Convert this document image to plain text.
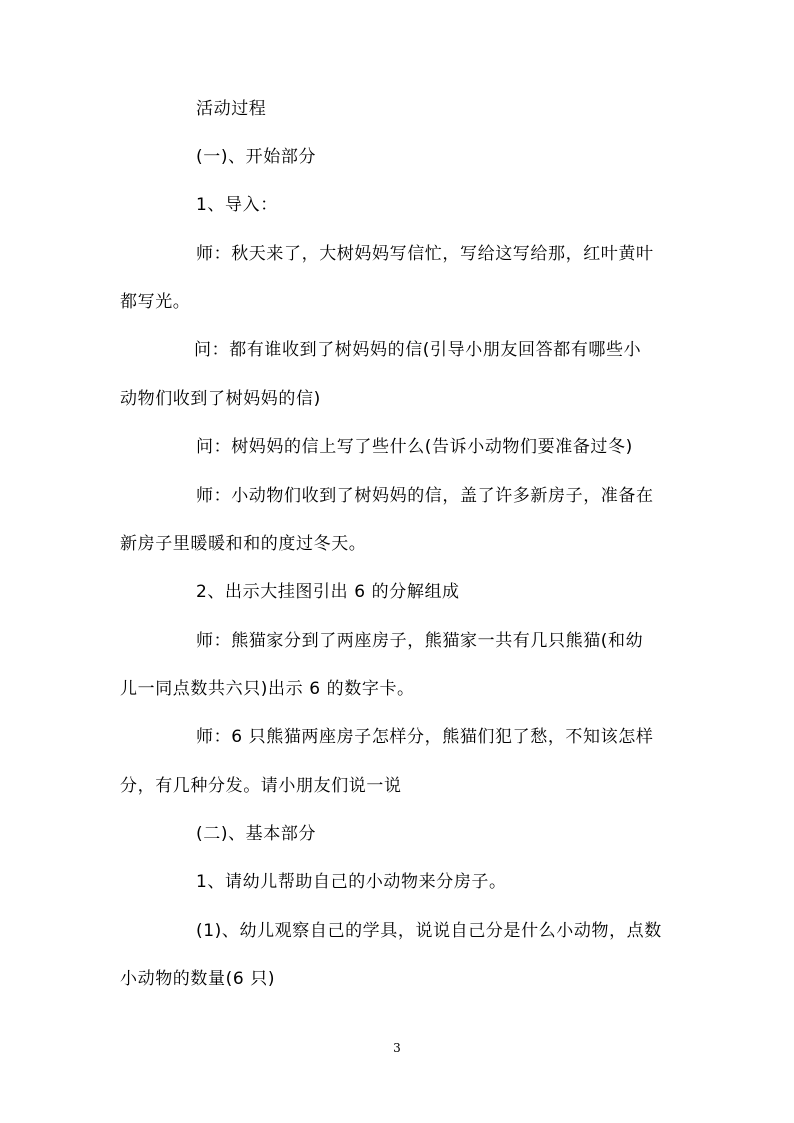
活动过程
(一)、开始部分
1、导入：
师：秋天来了，大树妈妈写信忙，写给这写给那，红叶黄叶
都写光。
问：都有谁收到了树妈妈的信(引导小朋友回答都有哪些小
动物们收到了树妈妈的信)
问：树妈妈的信上写了些什么(告诉小动物们要准备过冬)
师：小动物们收到了树妈妈的信，盖了许多新房子，准备在
新房子里暖暖和和的度过冬天。
2、出示大挂图引出 6 的分解组成
师：熊猫家分到了两座房子，熊猫家一共有几只熊猫(和幼
儿一同点数共六只)出示 6 的数字卡。
师：6 只熊猫两座房子怎样分，熊猫们犯了愁，不知该怎样
分，有几种分发。请小朋友们说一说
(二)、基本部分
1、请幼儿帮助自己的小动物来分房子。
(1)、幼儿观察自己的学具，说说自己分是什么小动物，点数
小动物的数量(6 只)
3
